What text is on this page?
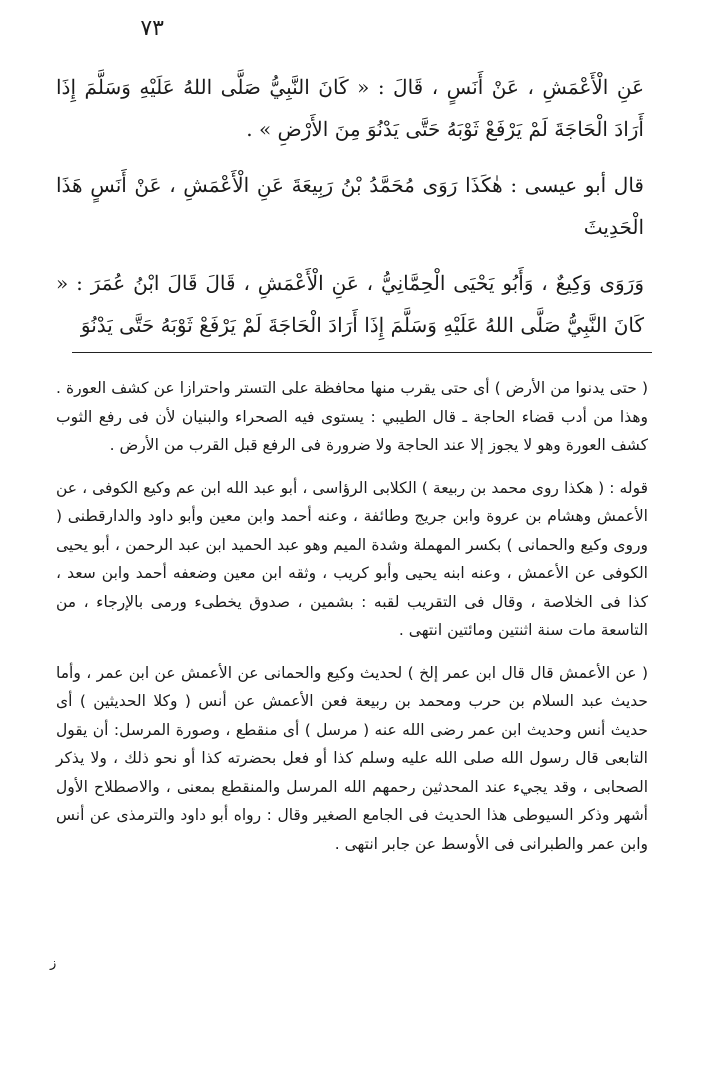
٧٣

عَنِ الْأَعْمَشِ ، عَنْ أَنَسٍ ، قَالَ : « كَانَ النَّبِيُّ صَلَّى اللهُ عَلَيْهِ وَسَلَّمَ إِذَا أَرَادَ الْحَاجَةَ لَمْ يَرْفَعْ ثَوْبَهُ حَتَّى يَدْنُوَ مِنَ الأَرْضِ » .

قال أبو عيسى : هٰكَذَا رَوَى مُحَمَّدُ بْنُ رَبِيعَةَ عَنِ الْأَعْمَشِ ، عَنْ أَنَسٍ هَذَا الْحَدِيثَ

وَرَوَى وَكِيعٌ ، وَأَبُو يَحْيَى الْحِمَّانِيُّ ، عَنِ الْأَعْمَشِ ، قَالَ قَالَ ابْنُ عُمَرَ : « كَانَ النَّبِيُّ صَلَّى اللهُ عَلَيْهِ وَسَلَّمَ إِذَا أَرَادَ الْحَاجَةَ لَمْ يَرْفَعْ ثَوْبَهُ حَتَّى يَدْنُوَ

( حتى يدنوا من الأرض ) أى حتى يقرب منها محافظة على التستر واحترازا عن كشف العورة . وهذا من أدب قضاء الحاجة ـ قال الطيبي : يستوى فيه الصحراء والبنيان لأن فى رفع الثوب كشف العورة وهو لا يجوز إلا عند الحاجة ولا ضرورة فى الرفع قبل القرب من الأرض .

قوله : ( هكذا روى محمد بن ربيعة ) الكلابى الرؤاسى ، أبو عبد الله ابن عم وكيع الكوفى ، عن الأعمش وهشام بن عروة وابن جريج وطائفة ، وعنه أحمد وابن معين وأبو داود والدارقطنى ( وروى وكيع والحمانى ) بكسر المهملة وشدة الميم وهو عبد الحميد ابن عبد الرحمن ، أبو يحيى الكوفى عن الأعمش ، وعنه ابنه يحيى وأبو كريب ، وثقه ابن معين وضعفه أحمد وابن سعد ، كذا فى الخلاصة ، وقال فى التقريب لقبه : بشمين ، صدوق يخطىء ورمى بالإرجاء ، من التاسعة مات سنة اثنتين ومائتين انتهى .

( عن الأعمش قال قال ابن عمر إلخ ) لحديث وكيع والحمانى عن الأعمش عن ابن عمر ، وأما حديث عبد السلام بن حرب ومحمد بن ربيعة فعن الأعمش عن أنس ( وكلا الحديثين ) أى حديث أنس وحديث ابن عمر رضى الله عنه ( مرسل ) أى منقطع ، وصورة المرسل: أن يقول التابعى قال رسول الله صلى الله عليه وسلم كذا أو فعل بحضرته كذا أو نحو ذلك ، ولا يذكر الصحابى ، وقد يجيء عند المحدثين رحمهم الله المرسل والمنقطع بمعنى ، والاصطلاح الأول أشهر وذكر السيوطى هذا الحديث فى الجامع الصغير وقال : رواه أبو داود والترمذى عن أنس وابن عمر والطبرانى فى الأوسط عن جابر انتهى .

ز
